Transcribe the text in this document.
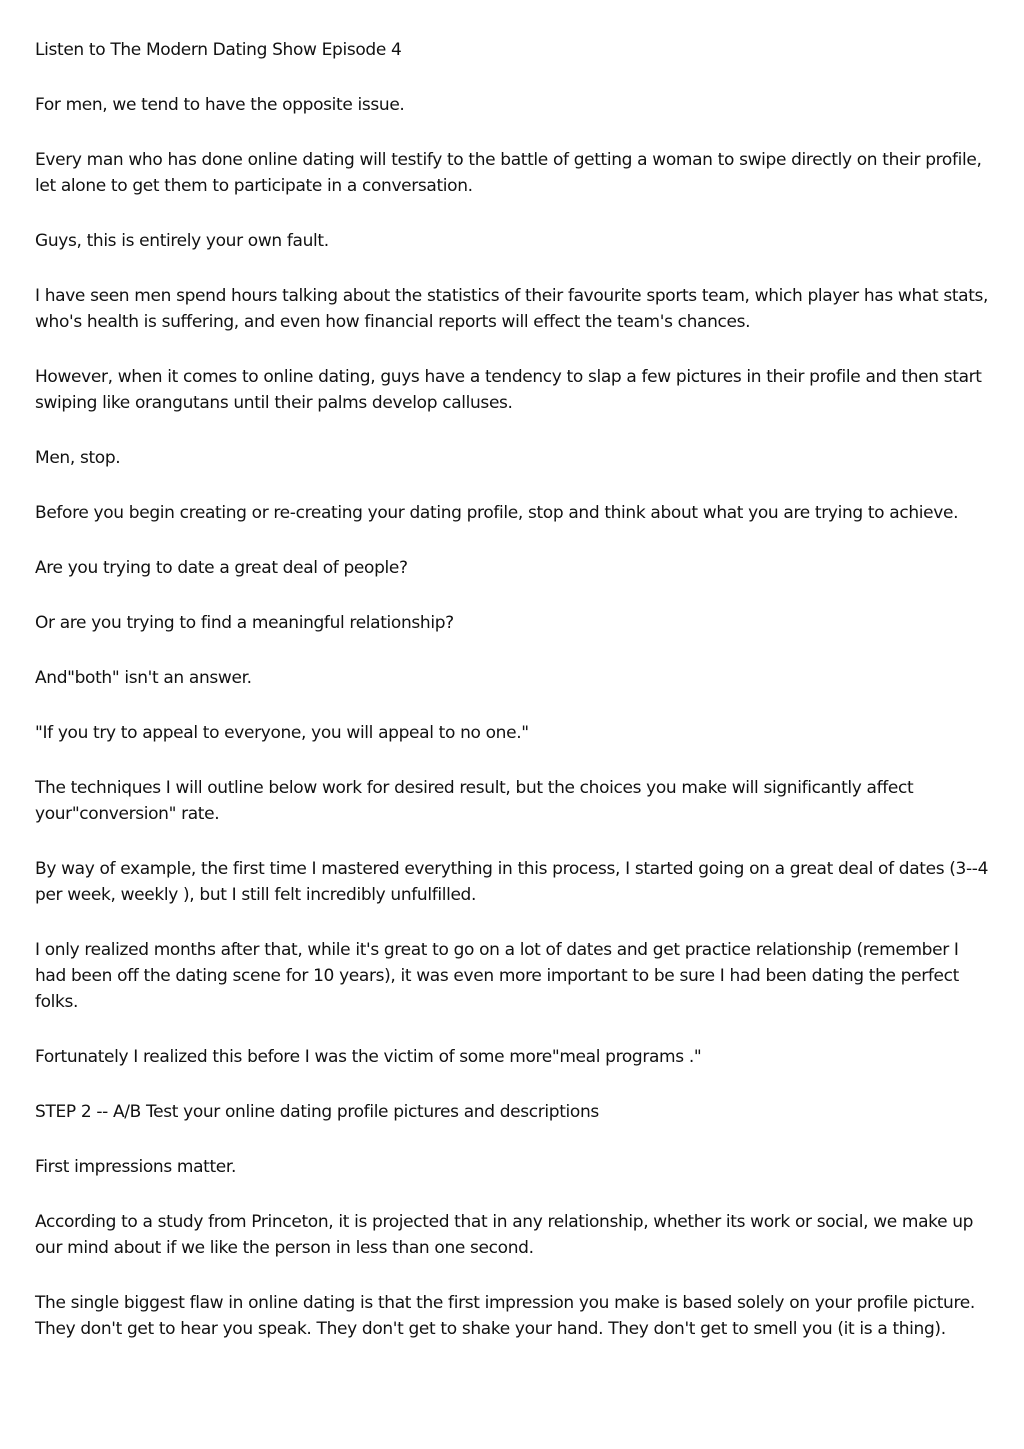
Listen to The Modern Dating Show Episode 4

For men, we tend to have the opposite issue.

Every man who has done online dating will testify to the battle of getting a woman to swipe directly on their profile, let alone to get them to participate in a conversation.

Guys, this is entirely your own fault.

I have seen men spend hours talking about the statistics of their favourite sports team, which player has what stats, who's health is suffering, and even how financial reports will effect the team's chances.

However, when it comes to online dating, guys have a tendency to slap a few pictures in their profile and then start swiping like orangutans until their palms develop calluses.

Men, stop.

Before you begin creating or re-creating your dating profile, stop and think about what you are trying to achieve.

Are you trying to date a great deal of people?

Or are you trying to find a meaningful relationship?

And"both" isn't an answer.

"If you try to appeal to everyone, you will appeal to no one."

The techniques I will outline below work for desired result, but the choices you make will significantly affect your"conversion" rate.

By way of example, the first time I mastered everything in this process, I started going on a great deal of dates (3--4 per week, weekly ), but I still felt incredibly unfulfilled.

I only realized months after that, while it's great to go on a lot of dates and get practice relationship (remember I had been off the dating scene for 10 years), it was even more important to be sure I had been dating the perfect folks.

Fortunately I realized this before I was the victim of some more"meal programs ."

STEP 2 -- A/B Test your online dating profile pictures and descriptions

First impressions matter.

According to a study from Princeton, it is projected that in any relationship, whether its work or social, we make up our mind about if we like the person in less than one second.

The single biggest flaw in online dating is that the first impression you make is based solely on your profile picture. They don't get to hear you speak. They don't get to shake your hand. They don't get to smell you (it is a thing).
